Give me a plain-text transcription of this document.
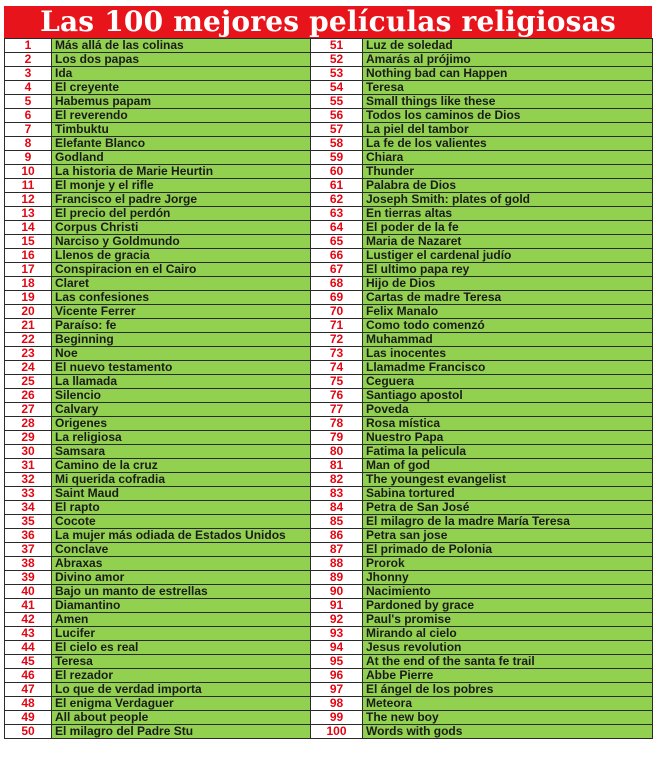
Las 100 mejores películas religiosas
1	Más allá de las colinas	51	Luz de soledad
2	Los dos papas	52	Amarás al prójimo
3	Ida	53	Nothing bad can Happen
4	El creyente	54	Teresa
5	Habemus papam	55	Small things like these
6	El reverendo	56	Todos los caminos de Dios
7	Timbuktu	57	La piel del tambor
8	Elefante Blanco	58	La fe de los valientes
9	Godland	59	Chiara
10	La historia de Marie Heurtin	60	Thunder
11	El monje y el rifle	61	Palabra de Dios
12	Francisco el padre Jorge	62	Joseph Smith: plates of gold
13	El precio del perdón	63	En tierras altas
14	Corpus Christi	64	El poder de la fe
15	Narciso y Goldmundo	65	Maria de Nazaret
16	Llenos de gracia	66	Lustiger el cardenal judío
17	Conspiracion en el Cairo	67	El ultimo papa rey
18	Claret	68	Hijo de Dios
19	Las confesiones	69	Cartas de madre Teresa
20	Vicente Ferrer	70	Felix Manalo
21	Paraíso: fe	71	Como todo comenzó
22	Beginning	72	Muhammad
23	Noe	73	Las inocentes
24	El nuevo testamento	74	Llamadme Francisco
25	La llamada	75	Ceguera
26	Silencio	76	Santiago apostol
27	Calvary	77	Poveda
28	Origenes	78	Rosa mística
29	La religiosa	79	Nuestro Papa
30	Samsara	80	Fatima la pelicula
31	Camino de la cruz	81	Man of god
32	Mi querida cofradia	82	The youngest evangelist
33	Saint Maud	83	Sabina tortured
34	El rapto	84	Petra de San José
35	Cocote	85	El milagro de la madre María Teresa
36	La mujer más odiada de Estados Unidos	86	Petra san jose
37	Conclave	87	El primado de Polonia
38	Abraxas	88	Prorok
39	Divino amor	89	Jhonny
40	Bajo un manto de estrellas	90	Nacimiento
41	Diamantino	91	Pardoned by grace
42	Amen	92	Paul's promise
43	Lucifer	93	Mirando al cielo
44	El cielo es real	94	Jesus revolution
45	Teresa	95	At the end of the santa fe trail
46	El rezador	96	Abbe Pierre
47	Lo que de verdad importa	97	El ángel de los pobres
48	El enigma Verdaguer	98	Meteora
49	All about people	99	The new boy
50	El milagro del Padre Stu	100	Words with gods
